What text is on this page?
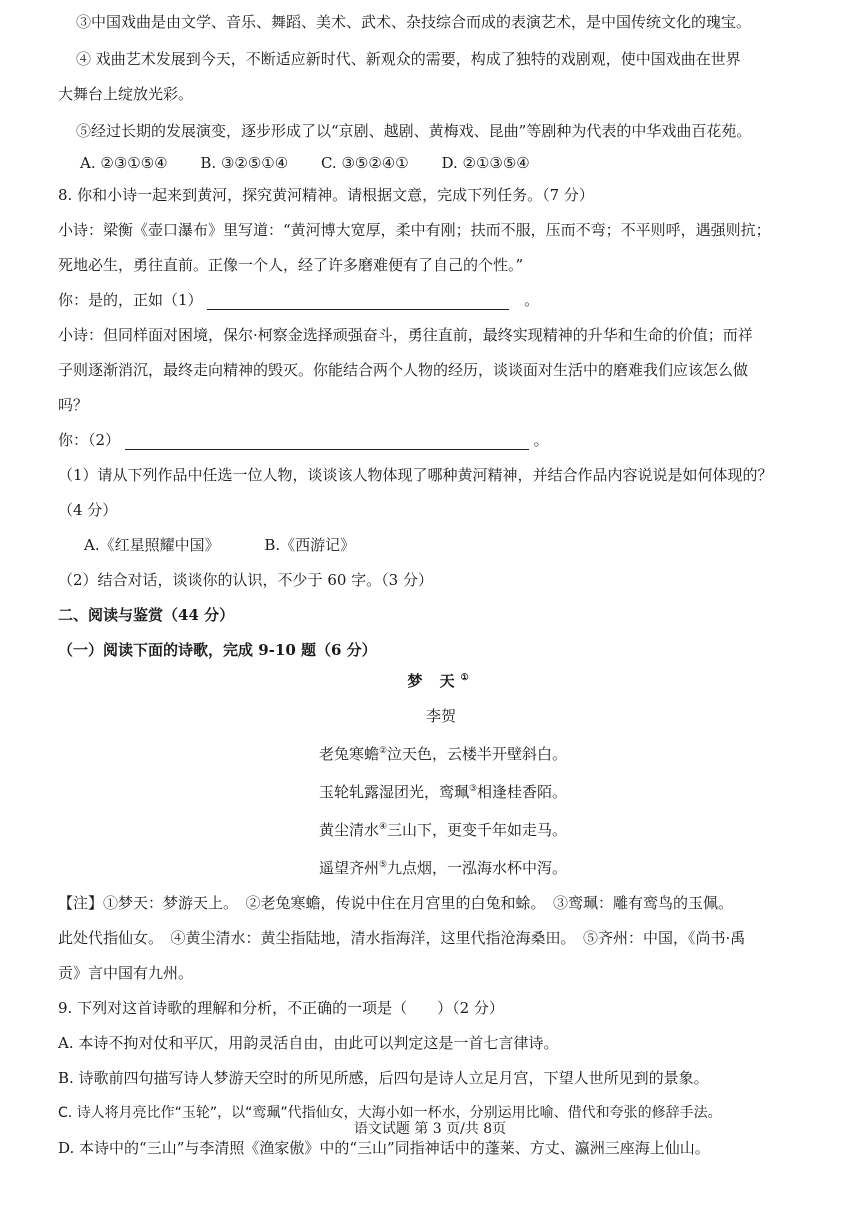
③中国戏曲是由文学、音乐、舞蹈、美术、武术、杂技综合而成的表演艺术，是中国传统文化的瑰宝。

④ 戏曲艺术发展到今天，不断适应新时代、新观众的需要，构成了独特的戏剧观，使中国戏曲在世界

大舞台上绽放光彩。

⑤经过长期的发展演变，逐步形成了以“京剧、越剧、黄梅戏、昆曲”等剧种为代表的中华戏曲百花苑。

A. ②③①⑤④ B. ③②⑤①④ C. ③⑤②④① D. ②①③⑤④

8. 你和小诗一起来到黄河，探究黄河精神。请根据文意，完成下列任务。（7 分）

小诗：梁衡《壶口瀑布》里写道：“黄河博大宽厚，柔中有刚；扶而不服，压而不弯；不平则呼，遇强则抗；

死地必生，勇往直前。正像一个人，经了许多磨难便有了自己的个性。”

你：是的，正如（1）	。

小诗：但同样面对困境，保尔·柯察金选择顽强奋斗，勇往直前，最终实现精神的升华和生命的价值；而祥

子则逐渐消沉，最终走向精神的毁灭。你能结合两个人物的经历，谈谈面对生活中的磨难我们应该怎么做

吗？

你：（2）	。

（1）请从下列作品中任选一位人物，谈谈该人物体现了哪种黄河精神，并结合作品内容说说是如何体现的？

（4 分）

A.《红星照耀中国》	B.《西游记》

（2）结合对话，谈谈你的认识，不少于 60 字。（3 分）

二、阅读与鉴赏（44 分）

（一）阅读下面的诗歌，完成 9-10 题（6 分）

梦 天①

李贺

老兔寒蟾②泣天色，云楼半开壁斜白。

玉轮轧露湿团光，鸾珮③相逢桂香陌。

黄尘清水④三山下，更变千年如走马。

遥望齐州⑤九点烟，一泓海水杯中泻。

【注】①梦天：梦游天上。　②老兔寒蟾，传说中住在月宫里的白兔和蜍。　③鸾珮：雕有鸾鸟的玉佩。

此处代指仙女。　④黄尘清水：黄尘指陆地，清水指海洋，这里代指沧海桑田。　⑤齐州：中国，《尚书·禹

贡》言中国有九州。

9. 下列对这首诗歌的理解和分析，不正确的一项是（　　）（2 分）

A. 本诗不拘对仗和平仄，用韵灵活自由，由此可以判定这是一首七言律诗。

B. 诗歌前四句描写诗人梦游天空时的所见所感，后四句是诗人立足月宫，下望人世所见到的景象。

C. 诗人将月亮比作“玉轮”，以“鸾珮”代指仙女，大海小如一杯水，分别运用比喻、借代和夸张的修辞手法。

D. 本诗中的“三山”与李清照《渔家傲》中的“三山”同指神话中的蓬莱、方丈、瀛洲三座海上仙山。

语文试题 第 3 页/共 8页
